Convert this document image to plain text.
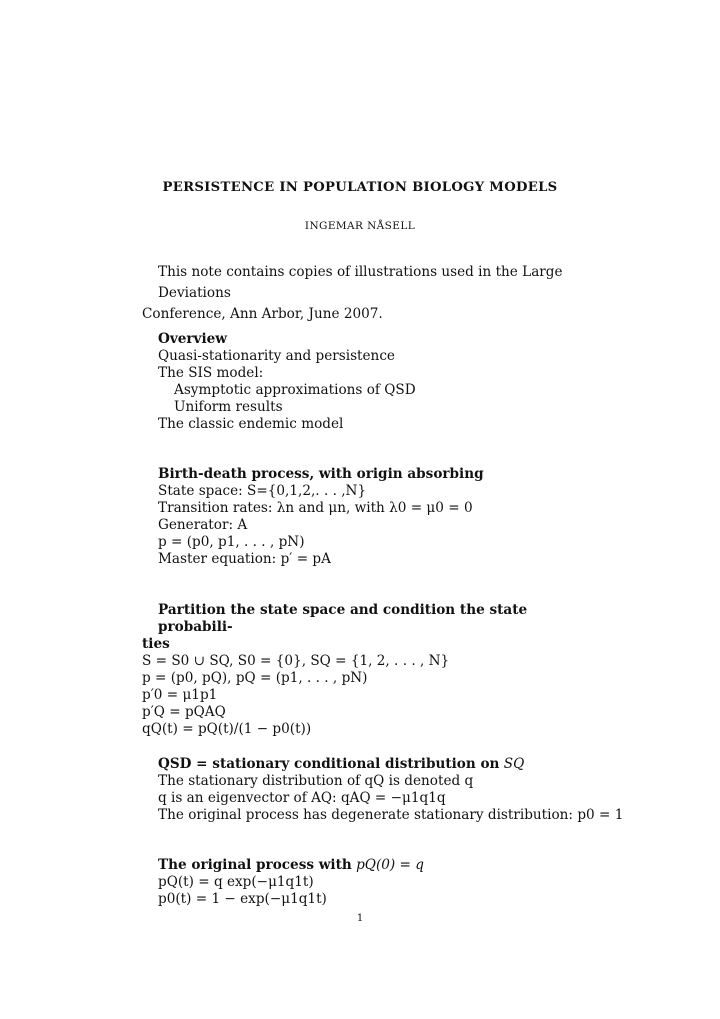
PERSISTENCE IN POPULATION BIOLOGY MODELS
INGEMAR NÅSELL
This note contains copies of illustrations used in the Large Deviations
Conference, Ann Arbor, June 2007.
Overview
Quasi-stationarity and persistence
The SIS model:
Asymptotic approximations of QSD
Uniform results
The classic endemic model
Birth-death process, with origin absorbing
State space: S={0,1,2,. . . ,N}
Transition rates: λn and μn, with λ0 = μ0 = 0
Generator: A
p = (p0, p1, . . . , pN)
Master equation: p′ = pA
Partition the state space and condition the state probabili-
ties
S = S0 ∪ SQ, S0 = {0}, SQ = {1, 2, . . . , N}
p = (p0, pQ), pQ = (p1, . . . , pN)
p′0 = μ1p1
p′Q = pQAQ
qQ(t) = pQ(t)/(1 − p0(t))
QSD = stationary conditional distribution on SQ
The stationary distribution of qQ is denoted q
q is an eigenvector of AQ: qAQ = −μ1q1q
The original process has degenerate stationary distribution: p0 = 1
The original process with pQ(0) = q
pQ(t) = q exp(−μ1q1t)
p0(t) = 1 − exp(−μ1q1t)
1
